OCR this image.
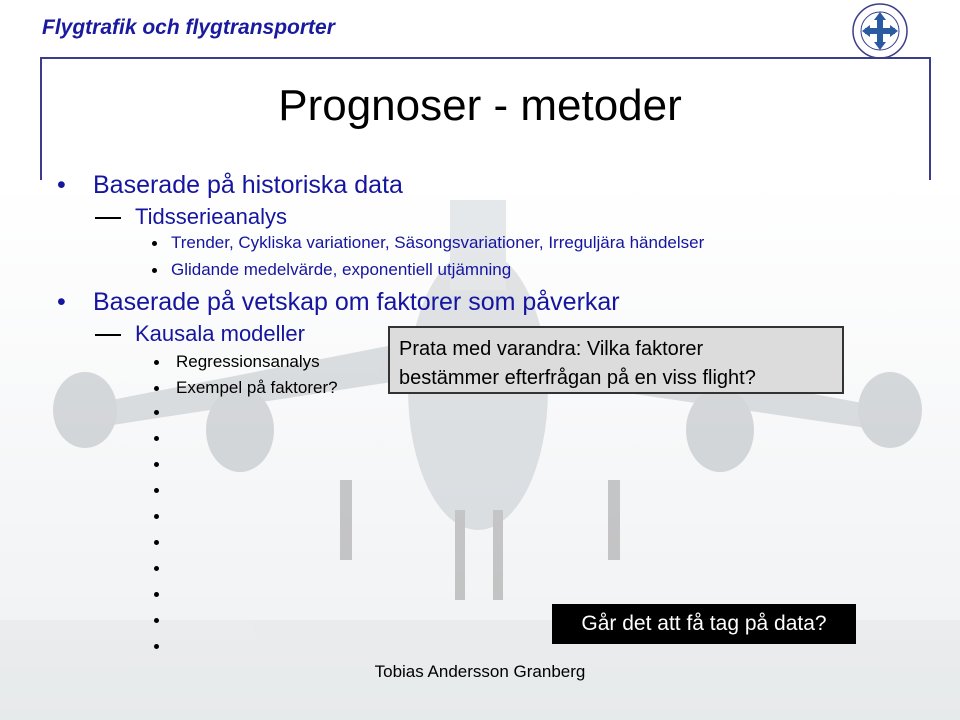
Flygtrafik och flygtransporter
Prognoser - metoder
• Baserade på historiska data
Tidsserieanalys
Trender, Cykliska variationer, Säsongsvariationer, Irreguljära händelser
Glidande medelvärde, exponentiell utjämning
• Baserade på vetskap om faktorer som påverkar
Kausala modeller
Regressionsanalys
Exempel på faktorer?
Prata med varandra: Vilka faktorer
bestämmer efterfrågan på en viss flight?
Går det att få tag på data?
Tobias Andersson Granberg
